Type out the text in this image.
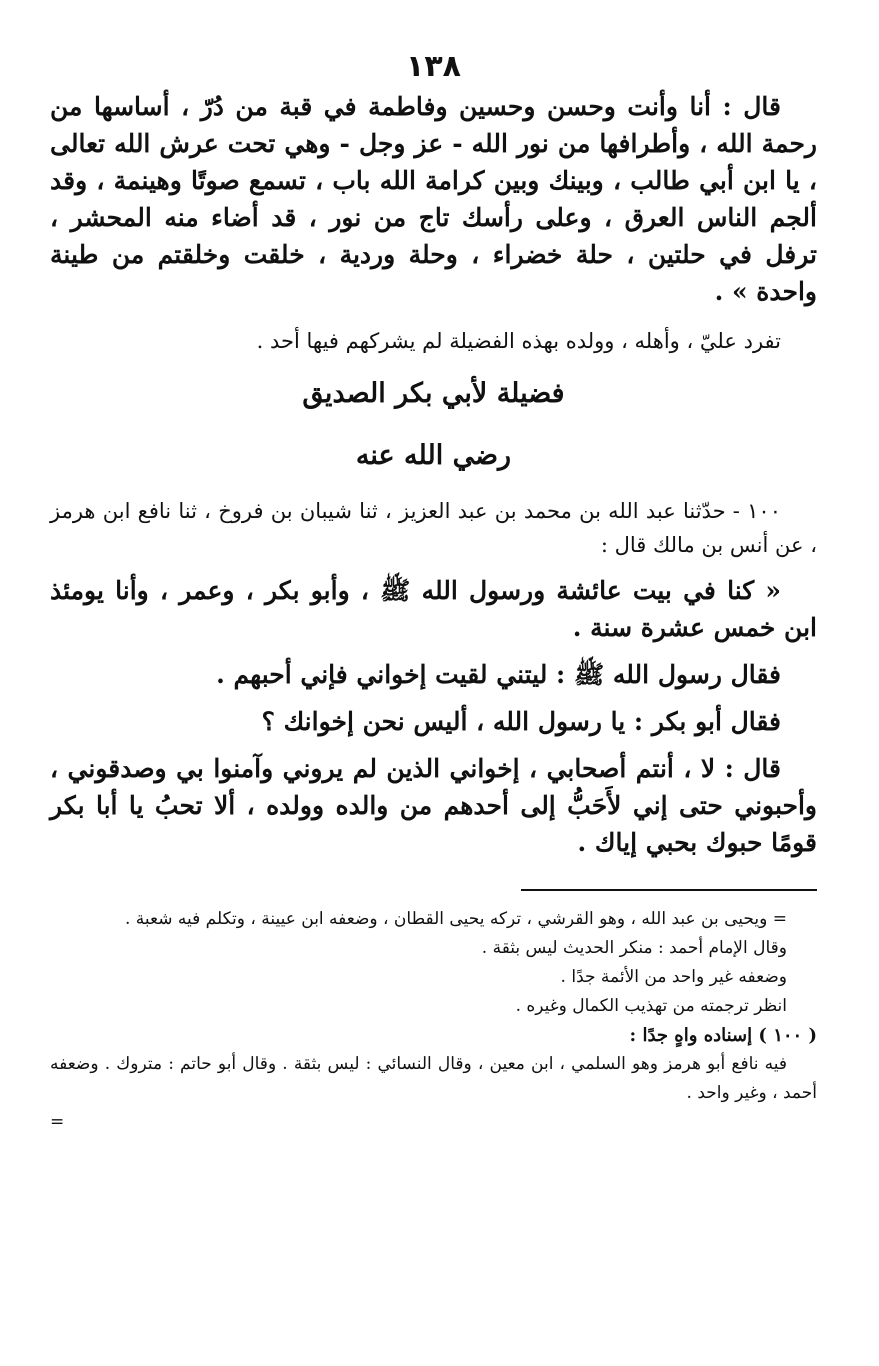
١٣٨

قال : أنا وأنت وحسن وحسين وفاطمة في قبة من دُرّ ، أساسها من رحمة الله ، وأطرافها من نور الله - عز وجل - وهي تحت عرش الله تعالى ، يا ابن أبي طالب ، وبينك وبين كرامة الله باب ، تسمع صوتًا وهينمة ، وقد ألجم الناس العرق ، وعلى رأسك تاج من نور ، قد أضاء منه المحشر ، ترفل في حلتين ، حلة خضراء ، وحلة وردية ، خلقت وخلقتم من طينة واحدة » .

تفرد عليّ ، وأهله ، وولده بهذه الفضيلة لم يشركهم فيها أحد .

فضيلة لأبي بكر الصديق
رضي الله عنه

١٠٠ - حدّثنا عبد الله بن محمد بن عبد العزيز ، ثنا شيبان بن فروخ ، ثنا نافع ابن هرمز ، عن أنس بن مالك قال :

« كنا في بيت عائشة ورسول الله ﷺ ، وأبو بكر ، وعمر ، وأنا يومئذ ابن خمس عشرة سنة .

فقال رسول الله ﷺ : ليتني لقيت إخواني فإني أحبهم .

فقال أبو بكر : يا رسول الله ، أليس نحن إخوانك ؟

قال : لا ، أنتم أصحابي ، إخواني الذين لم يروني وآمنوا بي وصدقوني ، وأحبوني حتى إني لأَحَبُّ إلى أحدهم من والده وولده ، ألا تحبُ يا أبا بكر قومًا حبوك بحبي إياك .

= ويحيى بن عبد الله ، وهو القرشي ، تركه يحيى القطان ، وضعفه ابن عيينة ، وتكلم فيه شعبة .

وقال الإمام أحمد : منكر الحديث ليس بثقة .

وضعفه غير واحد من الأئمة جدًا .

انظر ترجمته من تهذيب الكمال وغيره .

( ١٠٠ ) إسناده واهٍ جدًا :

فيه نافع أبو هرمز وهو السلمي ، ابن معين ، وقال النسائي : ليس بثقة . وقال أبو حاتم : متروك . وضعفه أحمد ، وغير واحد .

=
